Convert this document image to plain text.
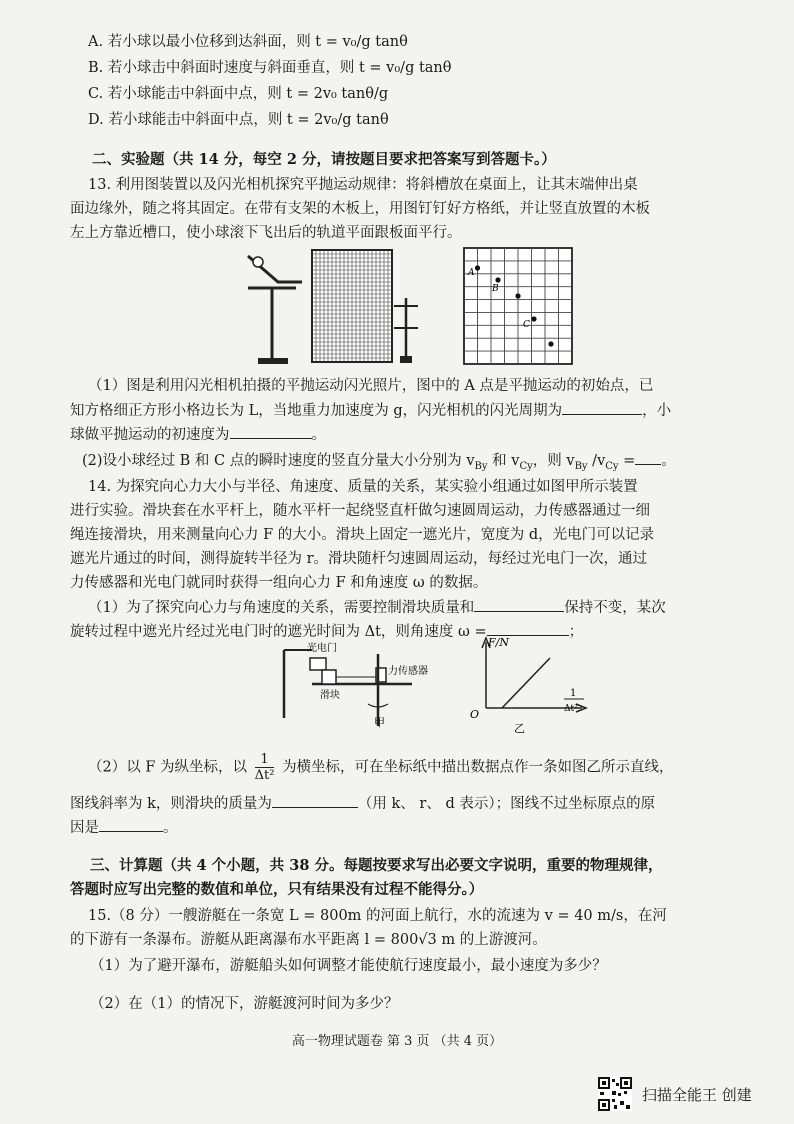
A. 若小球以最小位移到达斜面，则 t = v₀/g tanθ
B. 若小球击中斜面时速度与斜面垂直，则 t = v₀/g tanθ
C. 若小球能击中斜面中点，则 t = 2v₀ tanθ/g
D. 若小球能击中斜面中点，则 t = 2v₀/g tanθ
二、实验题（共 14 分，每空 2 分，请按题目要求把答案写到答题卡。）
13. 利用图装置以及闪光相机探究平抛运动规律：将斜槽放在桌面上，让其末端伸出桌
面边缘外，随之将其固定。在带有支架的木板上，用图钉钉好方格纸，并让竖直放置的木板
左上方靠近槽口，使小球滚下飞出后的轨道平面跟板面平行。
A
B
C
（1）图是利用闪光相机拍摄的平抛运动闪光照片，图中的 A 点是平抛运动的初始点，已
知方格细正方形小格边长为 L，当地重力加速度为 g，闪光相机的闪光周期为	，小
球做平抛运动的初速度为	。
(2)设小球经过 B 和 C 点的瞬时速度的竖直分量大小分别为 $v_{By}$ 和 $v_{Cy}$，则 $v_{By}$ $/v_{Cy}$ = 。
14. 为探究向心力大小与半径、角速度、质量的关系，某实验小组通过如图甲所示装置
进行实验。滑块套在水平杆上，随水平杆一起绕竖直杆做匀速圆周运动，力传感器通过一细
绳连接滑块，用来测量向心力 F 的大小。滑块上固定一遮光片，宽度为 d，光电门可以记录
遮光片通过的时间，测得旋转半径为 r。滑块随杆匀速圆周运动，每经过光电门一次，通过
力传感器和光电门就同时获得一组向心力 F 和角速度 ω 的数据。
（1）为了探究向心力与角速度的关系，需要控制滑块质量和	保持不变，某次
旋转过程中遮光片经过光电门时的遮光时间为 Δt，则角速度 ω =	；
光电门
力传感器
滑块
甲
F/N
O
1
Δt²
乙
（2）以 F 为纵坐标，以 $\frac{1}{\text{Δt²}}$ 为横坐标，可在坐标纸中描出数据点作一条如图乙所示直线，
图线斜率为 k，则滑块的质量为	（用 k、 r、 d 表示）；图线不过坐标原点的原
因是	。
三、计算题（共 4 个小题，共 38 分。每题按要求写出必要文字说明，重要的物理规律，
答题时应写出完整的数值和单位，只有结果没有过程不能得分。）
15.（8 分）一艘游艇在一条宽 L = 800m 的河面上航行，水的流速为 v = 40 m/s，在河
的下游有一条瀑布。游艇从距离瀑布水平距离 l = 800√3 m 的上游渡河。
（1）为了避开瀑布，游艇船头如何调整才能使航行速度最小，最小速度为多少？
（2）在（1）的情况下，游艇渡河时间为多少？
高一物理试题卷 第 3 页 （共 4 页）
扫描全能王 创建
